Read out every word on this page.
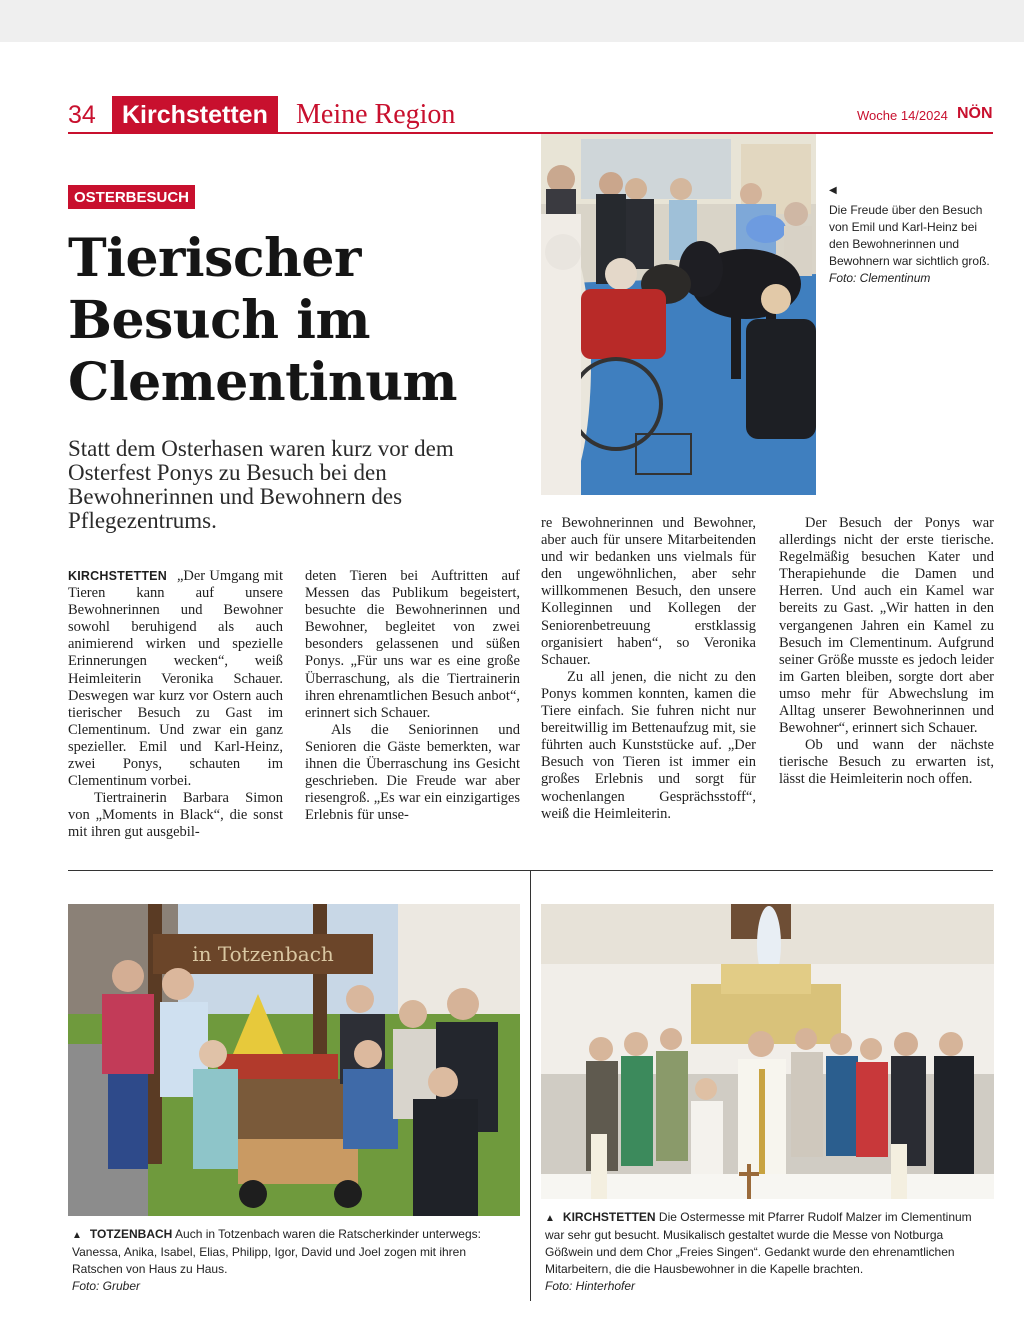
34	Kirchstetten	Meine Region	Woche 14/2024 NÖN
OSTERBESUCH
Tierischer Besuch im Clementinum
Statt dem Osterhasen waren kurz vor dem Osterfest Ponys zu Besuch bei den Bewohnerinnen und Bewohnern des Pflegezentrums.
◀
Die Freude über den Besuch von Emil und Karl-Heinz bei den Bewohnerinnen und Bewohnern war sichtlich groß.
Foto: Clementinum

KIRCHSTETTEN „Der Umgang mit Tieren kann auf unsere Bewohnerinnen und Bewohner sowohl beruhigend als auch animierend wirken und spezielle Erinnerungen wecken“, weiß Heimleiterin Veronika Schauer. Deswegen war kurz vor Ostern auch tierischer Besuch zu Gast im Clementinum. Und zwar ein ganz spezieller. Emil und Karl-Heinz, zwei Ponys, schauten im Clementinum vorbei.

Tiertrainerin Barbara Simon von „Moments in Black“, die sonst mit ihren gut ausgebil-

deten Tieren bei Auftritten auf Messen das Publikum begeistert, besuchte die Bewohnerinnen und Bewohner, begleitet von zwei besonders gelassenen und süßen Ponys. „Für uns war es eine große Überraschung, als die Tiertrainerin ihren ehrenamtlichen Besuch anbot“, erinnert sich Schauer.

Als die Seniorinnen und Senioren die Gäste bemerkten, war ihnen die Überraschung ins Gesicht geschrieben. Die Freude war aber riesengroß. „Es war ein einzigartiges Erlebnis für unse-

re Bewohnerinnen und Bewohner, aber auch für unsere Mitarbeitenden und wir bedanken uns vielmals für den ungewöhnlichen, aber sehr willkommenen Besuch, den unsere Kolleginnen und Kollegen der Seniorenbetreuung erstklassig organisiert haben“, so Veronika Schauer.

Zu all jenen, die nicht zu den Ponys kommen konnten, kamen die Tiere einfach. Sie fuhren nicht nur bereitwillig im Bettenaufzug mit, sie führten auch Kunststücke auf. „Der Besuch von Tieren ist immer ein großes Erlebnis und sorgt für wochenlangen Gesprächsstoff“, weiß die Heimleiterin.

Der Besuch der Ponys war allerdings nicht der erste tierische. Regelmäßig besuchen Kater und Therapiehunde die Damen und Herren. Und auch ein Kamel war bereits zu Gast. „Wir hatten in den vergangenen Jahren ein Kamel zu Besuch im Clementinum. Aufgrund seiner Größe musste es jedoch leider im Garten bleiben, sorgte dort aber umso mehr für Abwechslung im Alltag unserer Bewohnerinnen und Bewohner“, erinnert sich Schauer.

Ob und wann der nächste tierische Besuch zu erwarten ist, lässt die Heimleiterin noch offen.

in Totzenbach
▲ TOTZENBACH Auch in Totzenbach waren die Ratscherkinder unterwegs: Vanessa, Anika, Isabel, Elias, Philipp, Igor, David und Joel zogen mit ihren Ratschen von Haus zu Haus.
Foto: Gruber
▲ KIRCHSTETTEN Die Ostermesse mit Pfarrer Rudolf Malzer im Clementinum war sehr gut besucht. Musikalisch gestaltet wurde die Messe von Notburga Gößwein und dem Chor „Freies Singen“. Gedankt wurde den ehrenamtlichen Mitarbeitern, die die Hausbewohner in die Kapelle brachten.
Foto: Hinterhofer
